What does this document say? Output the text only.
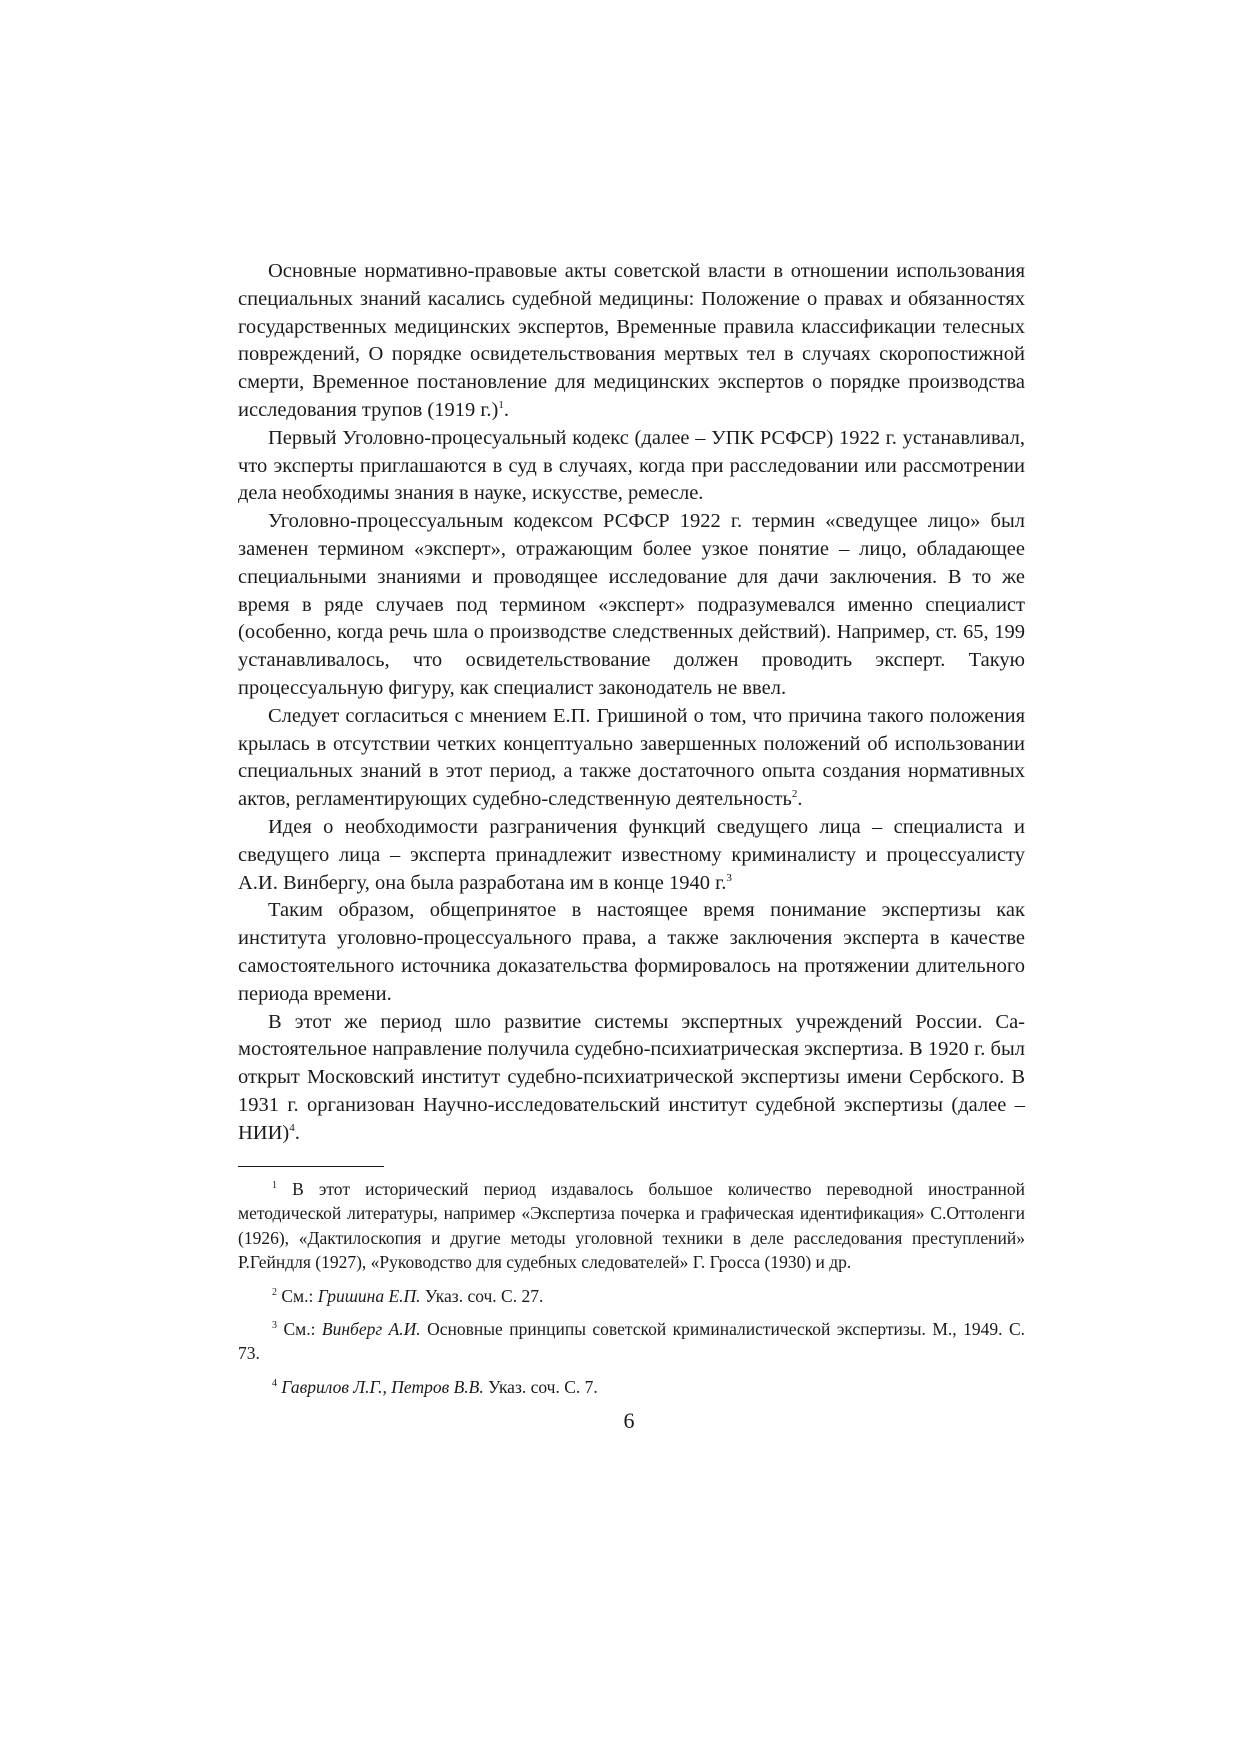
Основные нормативно-правовые акты советской власти в отношении использования специальных знаний касались судебной медицины: Положение о правах и обязанностях государственных медицинских экспертов, Временные правила классификации телесных повреждений, О порядке освидетельствования мертвых тел в случаях скоропостижной смерти, Временное постановление для медицинских экспертов о порядке производства исследования трупов (1919 г.)$^1$.

Первый Уголовно-процесуальный кодекс (далее – УПК РСФСР) 1922 г. устанавливал, что эксперты приглашаются в суд в случаях, когда при расследовании или рассмотрении дела необходимы знания в науке, искусстве, ремесле.

Уголовно-процессуальным кодексом РСФСР 1922 г. термин «сведущее лицо» был заменен термином «эксперт», отражающим более узкое понятие – лицо, обладающее специальными знаниями и проводящее исследование для дачи заключения. В то же время в ряде случаев под термином «эксперт» подразумевался именно специалист (особенно, когда речь шла о производстве следственных действий). Например, ст. 65, 199 устанавливалось, что освидетельствование должен проводить эксперт. Такую процессуальную фигуру, как специалист законодатель не ввел.

Следует согласиться с мнением Е.П. Гришиной о том, что причина такого положения крылась в отсутствии четких концептуально завершенных положений об использовании специальных знаний в этот период, а также достаточного опыта создания нормативных актов, регламентирующих судебно-следственную деятельность$^2$.

Идея о необходимости разграничения функций сведущего лица – специалиста и сведущего лица – эксперта принадлежит известному криминалисту и процессуалисту А.И. Винбергу, она была разработана им в конце 1940 г.$^3$

Таким образом, общепринятое в настоящее время понимание экспертизы как института уголовно-процессуального права, а также заключения эксперта в качестве самостоятельного источника доказательства формировалось на протяжении длительного периода времени.

В этот же период шло развитие системы экспертных учреждений России. Самостоятельное направление получила судебно-психиатрическая экспертиза. В 1920 г. был открыт Московский институт судебно-психиатрической экспертизы имени Сербского. В 1931 г. организован Научно-исследовательский институт судебной экспертизы (далее – НИИ)$^4$.

$^1$ В этот исторический период издавалось большое количество переводной иностранной методической литературы, например «Экспертиза почерка и графическая идентификация» С.Оттоленги (1926), «Дактилоскопия и другие методы уголовной техники в деле расследования преступлений» Р.Гейндля (1927), «Руководство для судебных следователей» Г. Гросса (1930) и др.

$^2$ См.: Гришина Е.П. Указ. соч. С. 27.

$^3$ См.: Винберг А.И. Основные принципы советской криминалистической экспертизы. М., 1949. С. 73.

$^4$ Гаврилов Л.Г., Петров В.В. Указ. соч. С. 7.

6
